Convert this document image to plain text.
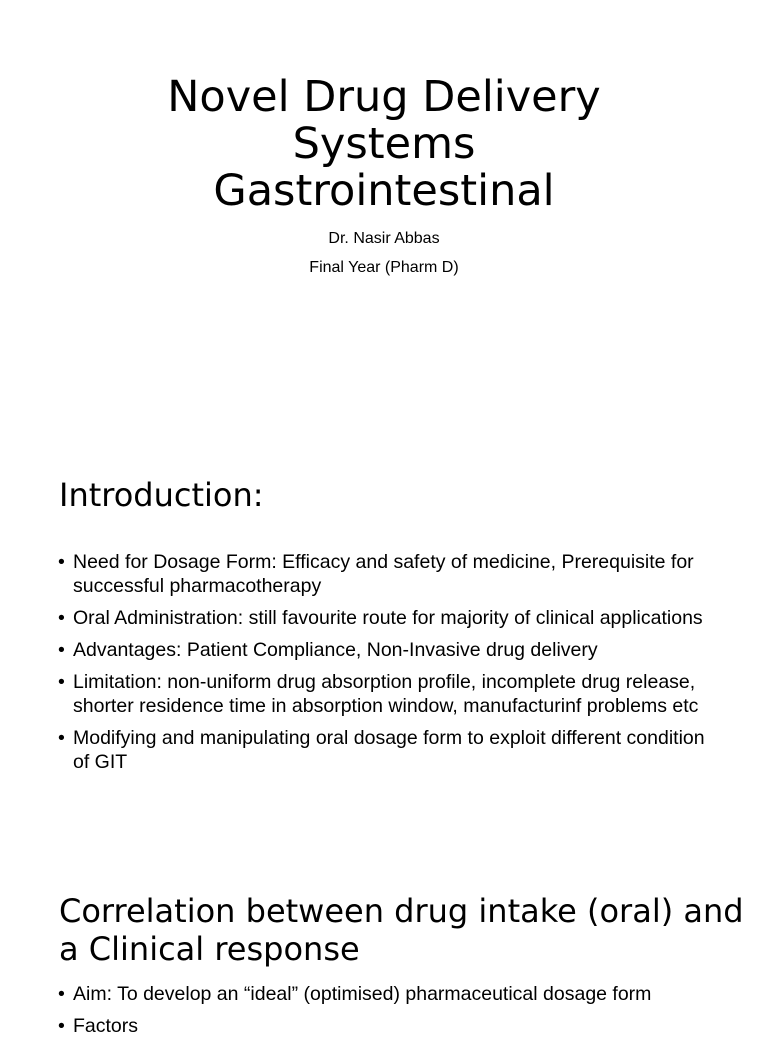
Novel Drug Delivery
Systems
Gastrointestinal
Dr. Nasir Abbas
Final Year (Pharm D)
Introduction:
• Need for Dosage Form: Efficacy and safety of medicine, Prerequisite for successful pharmacotherapy
• Oral Administration: still favourite route for majority of clinical applications
• Advantages: Patient Compliance, Non-Invasive drug delivery
• Limitation: non-uniform drug absorption profile, incomplete drug release, shorter residence time in absorption window, manufacturinf problems etc
• Modifying and manipulating oral dosage form to exploit different condition of GIT
Correlation between drug intake (oral) and a Clinical response
• Aim: To develop an “ideal” (optimised) pharmaceutical dosage form
• Factors
